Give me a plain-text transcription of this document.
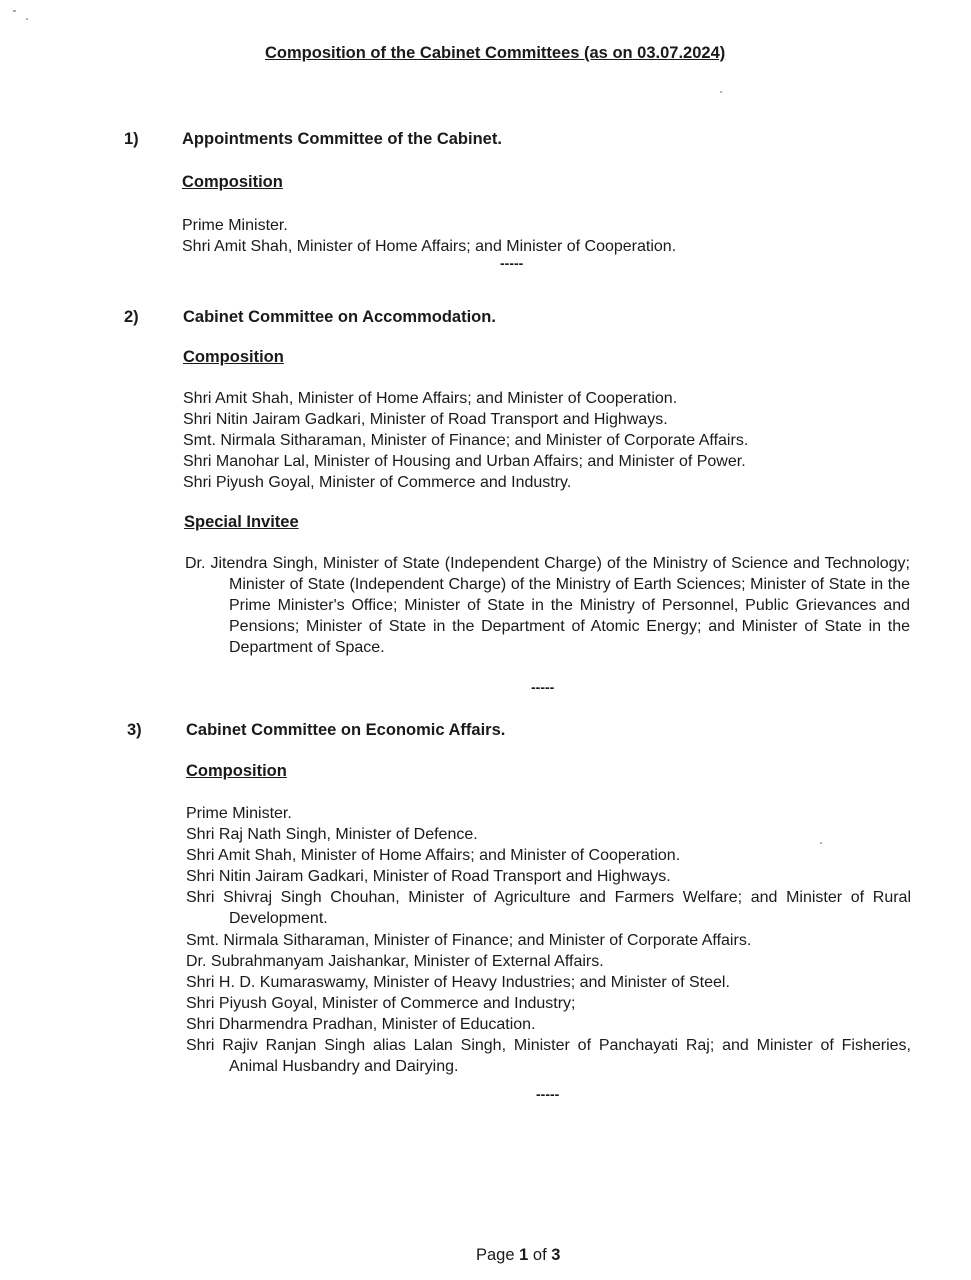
Composition of the Cabinet Committees (as on 03.07.2024)
1)	Appointments Committee of the Cabinet.
Composition
Prime Minister.
Shri Amit Shah, Minister of Home Affairs; and Minister of Cooperation.
-----
2)	Cabinet Committee on Accommodation.
Composition
Shri Amit Shah, Minister of Home Affairs; and Minister of Cooperation.
Shri Nitin Jairam Gadkari, Minister of Road Transport and Highways.
Smt. Nirmala Sitharaman, Minister of Finance; and Minister of Corporate Affairs.
Shri Manohar Lal, Minister of Housing and Urban Affairs; and Minister of Power.
Shri Piyush Goyal, Minister of Commerce and Industry.
Special Invitee

Dr. Jitendra Singh, Minister of State (Independent Charge) of the Ministry of Science and Technology; Minister of State (Independent Charge) of the Ministry of Earth Sciences; Minister of State in the Prime Minister's Office; Minister of State in the Ministry of Personnel, Public Grievances and Pensions; Minister of State in the Department of Atomic Energy; and Minister of State in the Department of Space.

-----
3)	Cabinet Committee on Economic Affairs.
Composition
Prime Minister.
Shri Raj Nath Singh, Minister of Defence.
Shri Amit Shah, Minister of Home Affairs; and Minister of Cooperation.
Shri Nitin Jairam Gadkari, Minister of Road Transport and Highways.
Shri Shivraj Singh Chouhan, Minister of Agriculture and Farmers Welfare; and Minister of Rural Development.
Smt. Nirmala Sitharaman, Minister of Finance; and Minister of Corporate Affairs.
Dr. Subrahmanyam Jaishankar, Minister of External Affairs.
Shri H. D. Kumaraswamy, Minister of Heavy Industries; and Minister of Steel.
Shri Piyush Goyal, Minister of Commerce and Industry;
Shri Dharmendra Pradhan, Minister of Education.
Shri Rajiv Ranjan Singh alias Lalan Singh, Minister of Panchayati Raj; and Minister of Fisheries, Animal Husbandry and Dairying.
-----
Page 1 of 3
